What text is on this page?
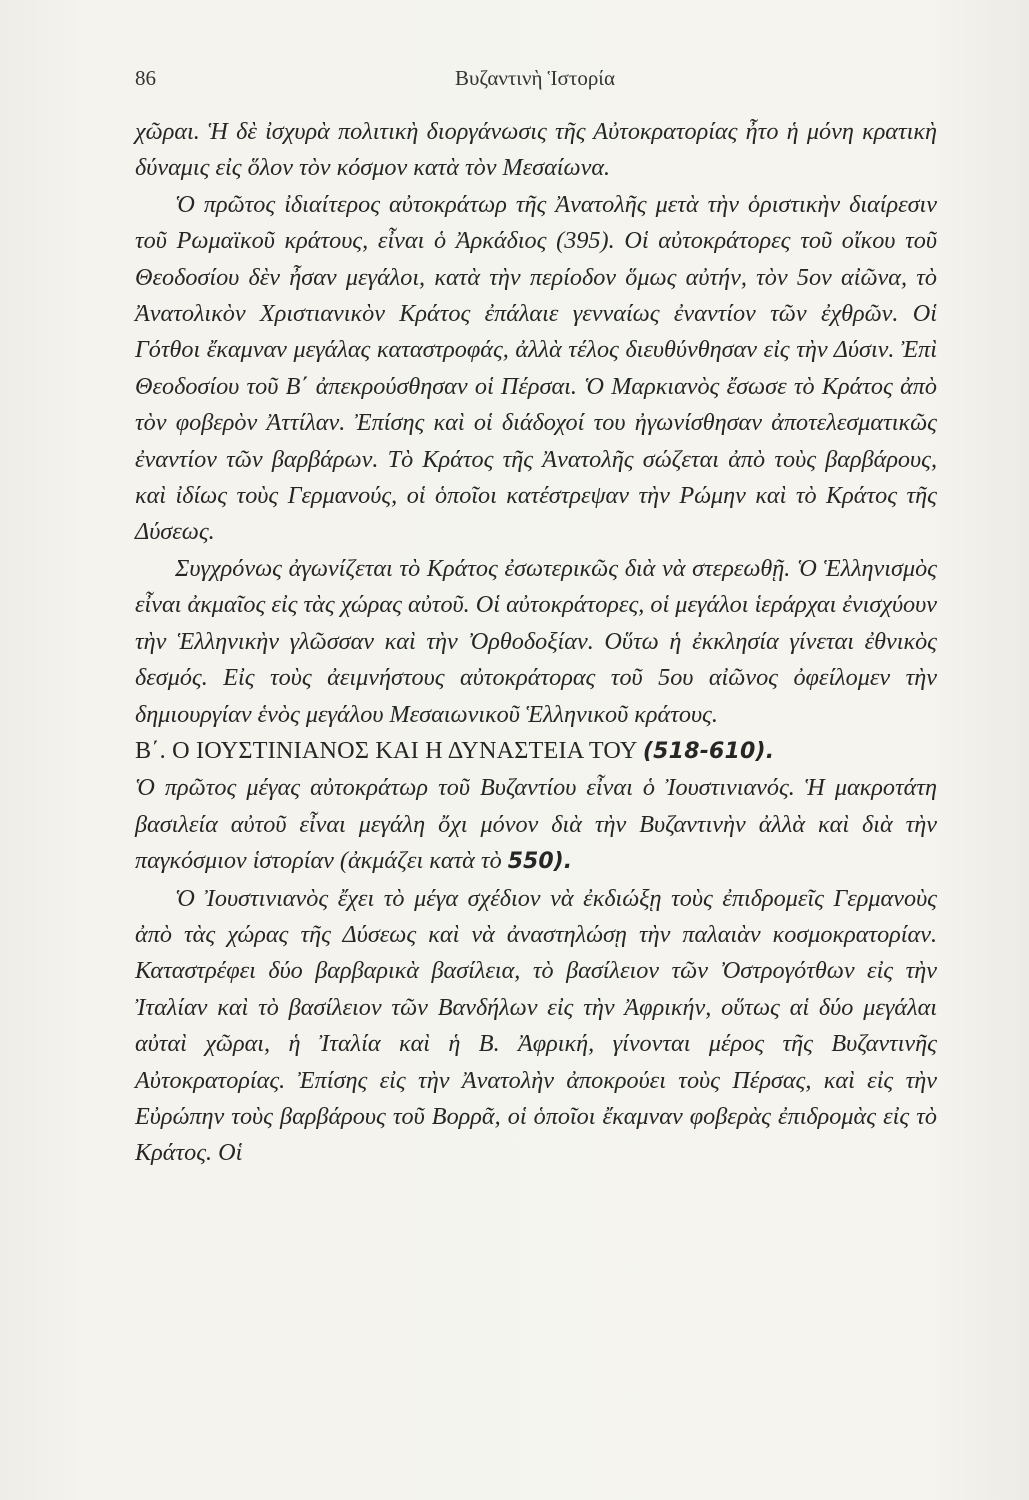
86	Βυζαντινὴ Ἱστορία

χῶραι. Ἡ δὲ ἰσχυρὰ πολιτικὴ διοργάνωσις τῆς Αὐτοκρατορίας ἦτο ἡ μόνη κρατικὴ δύναμις εἰς ὅλον τὸν κόσμον κατὰ τὸν Μεσαίωνα.

Ὁ πρῶτος ἰδιαίτερος αὐτοκράτωρ τῆς Ἀνατολῆς μετὰ τὴν ὁριστικὴν διαίρεσιν τοῦ Ρωμαϊκοῦ κράτους, εἶναι ὁ Ἀρκάδιος (395). Οἱ αὐτοκράτορες τοῦ οἴκου τοῦ Θεοδοσίου δὲν ἦσαν μεγάλοι, κατὰ τὴν περίοδον ὅμως αὐτήν, τὸν 5ον αἰῶνα, τὸ Ἀνατολικὸν Χριστιανικὸν Κράτος ἐπάλαιε γενναίως ἐναντίον τῶν ἐχθρῶν. Οἱ Γότθοι ἔκαμναν μεγάλας καταστροφάς, ἀλλὰ τέλος διευθύνθησαν εἰς τὴν Δύσιν. Ἐπὶ Θεοδοσίου τοῦ Β΄ ἀπεκρούσθησαν οἱ Πέρσαι. Ὁ Μαρκιανὸς ἔσωσε τὸ Κράτος ἀπὸ τὸν φοβερὸν Ἀττίλαν. Ἐπίσης καὶ οἱ διάδοχοί του ἠγωνίσθησαν ἀποτελεσματικῶς ἐναντίον τῶν βαρβάρων. Τὸ Κράτος τῆς Ἀνατολῆς σώζεται ἀπὸ τοὺς βαρβάρους, καὶ ἰδίως τοὺς Γερμανούς, οἱ ὁποῖοι κατέστρεψαν τὴν Ρώμην καὶ τὸ Κράτος τῆς Δύσεως.

Συγχρόνως ἀγωνίζεται τὸ Κράτος ἐσωτερικῶς διὰ νὰ στερεωθῇ. Ὁ Ἑλληνισμὸς εἶναι ἀκμαῖος εἰς τὰς χώρας αὐτοῦ. Οἱ αὐτοκράτορες, οἱ μεγάλοι ἱεράρχαι ἐνισχύουν τὴν Ἑλληνικὴν γλῶσσαν καὶ τὴν Ὀρθοδοξίαν. Οὕτω ἡ ἐκκλησία γίνεται ἐθνικὸς δεσμός. Εἰς τοὺς ἀειμνήστους αὐτοκράτορας τοῦ 5ου αἰῶνος ὀφείλομεν τὴν δημιουργίαν ἑνὸς μεγάλου Μεσαιωνικοῦ Ἑλληνικοῦ κράτους.

Β΄. Ο ΙΟΥΣΤΙΝΙΑΝΟΣ ΚΑΙ Η ΔΥΝΑΣΤΕΙΑ ΤΟΥ (518-610).

Ὁ πρῶτος μέγας αὐτοκράτωρ τοῦ Βυζαντίου εἶναι ὁ Ἰουστινιανός. Ἡ μακροτάτη βασιλεία αὐτοῦ εἶναι μεγάλη ὄχι μόνον διὰ τὴν Βυζαντινὴν ἀλλὰ καὶ διὰ τὴν παγκόσμιον ἱστορίαν (ἀκμάζει κατὰ τὸ 550).

Ὁ Ἰουστινιανὸς ἔχει τὸ μέγα σχέδιον νὰ ἐκδιώξῃ τοὺς ἐπιδρομεῖς Γερμανοὺς ἀπὸ τὰς χώρας τῆς Δύσεως καὶ νὰ ἀναστηλώσῃ τὴν παλαιὰν κοσμοκρατορίαν. Καταστρέφει δύο βαρβαρικὰ βασίλεια, τὸ βασίλειον τῶν Ὀστρογότθων εἰς τὴν Ἰταλίαν καὶ τὸ βασίλειον τῶν Βανδήλων εἰς τὴν Ἀφρικήν, οὕτως αἱ δύο μεγάλαι αὐταὶ χῶραι, ἡ Ἰταλία καὶ ἡ Β. Ἀφρική, γίνονται μέρος τῆς Βυζαντινῆς Αὐτοκρατορίας. Ἐπίσης εἰς τὴν Ἀνατολὴν ἀποκρούει τοὺς Πέρσας, καὶ εἰς τὴν Εὐρώπην τοὺς βαρβάρους τοῦ Βορρᾶ, οἱ ὁποῖοι ἔκαμναν φοβερὰς ἐπιδρομὰς εἰς τὸ Κράτος. Οἱ
